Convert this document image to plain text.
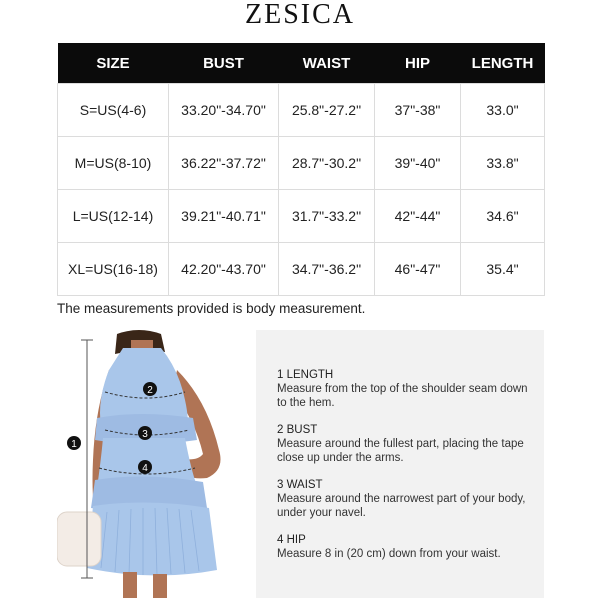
ZESICA
SIZE	BUST	WAIST	HIP	LENGTH
S=US(4-6)	33.20"-34.70"	25.8"-27.2"	37"-38"	33.0"
M=US(8-10)	36.22"-37.72"	28.7"-30.2"	39"-40"	33.8"
L=US(12-14)	39.21"-40.71"	31.7"-33.2"	42"-44"	34.6"
XL=US(16-18)	42.20"-43.70"	34.7"-36.2"	46"-47"	35.4"
The measurements provided is body measurement.
1
2
3
4
1 LENGTH
Measure from the top of the shoulder seam down to the hem.
2 BUST
Measure around the fullest part, placing the tape close up under the arms.
3 WAIST
Measure around the narrowest part of your body, under your navel.
4 HIP
Measure 8 in (20 cm) down from your waist.
